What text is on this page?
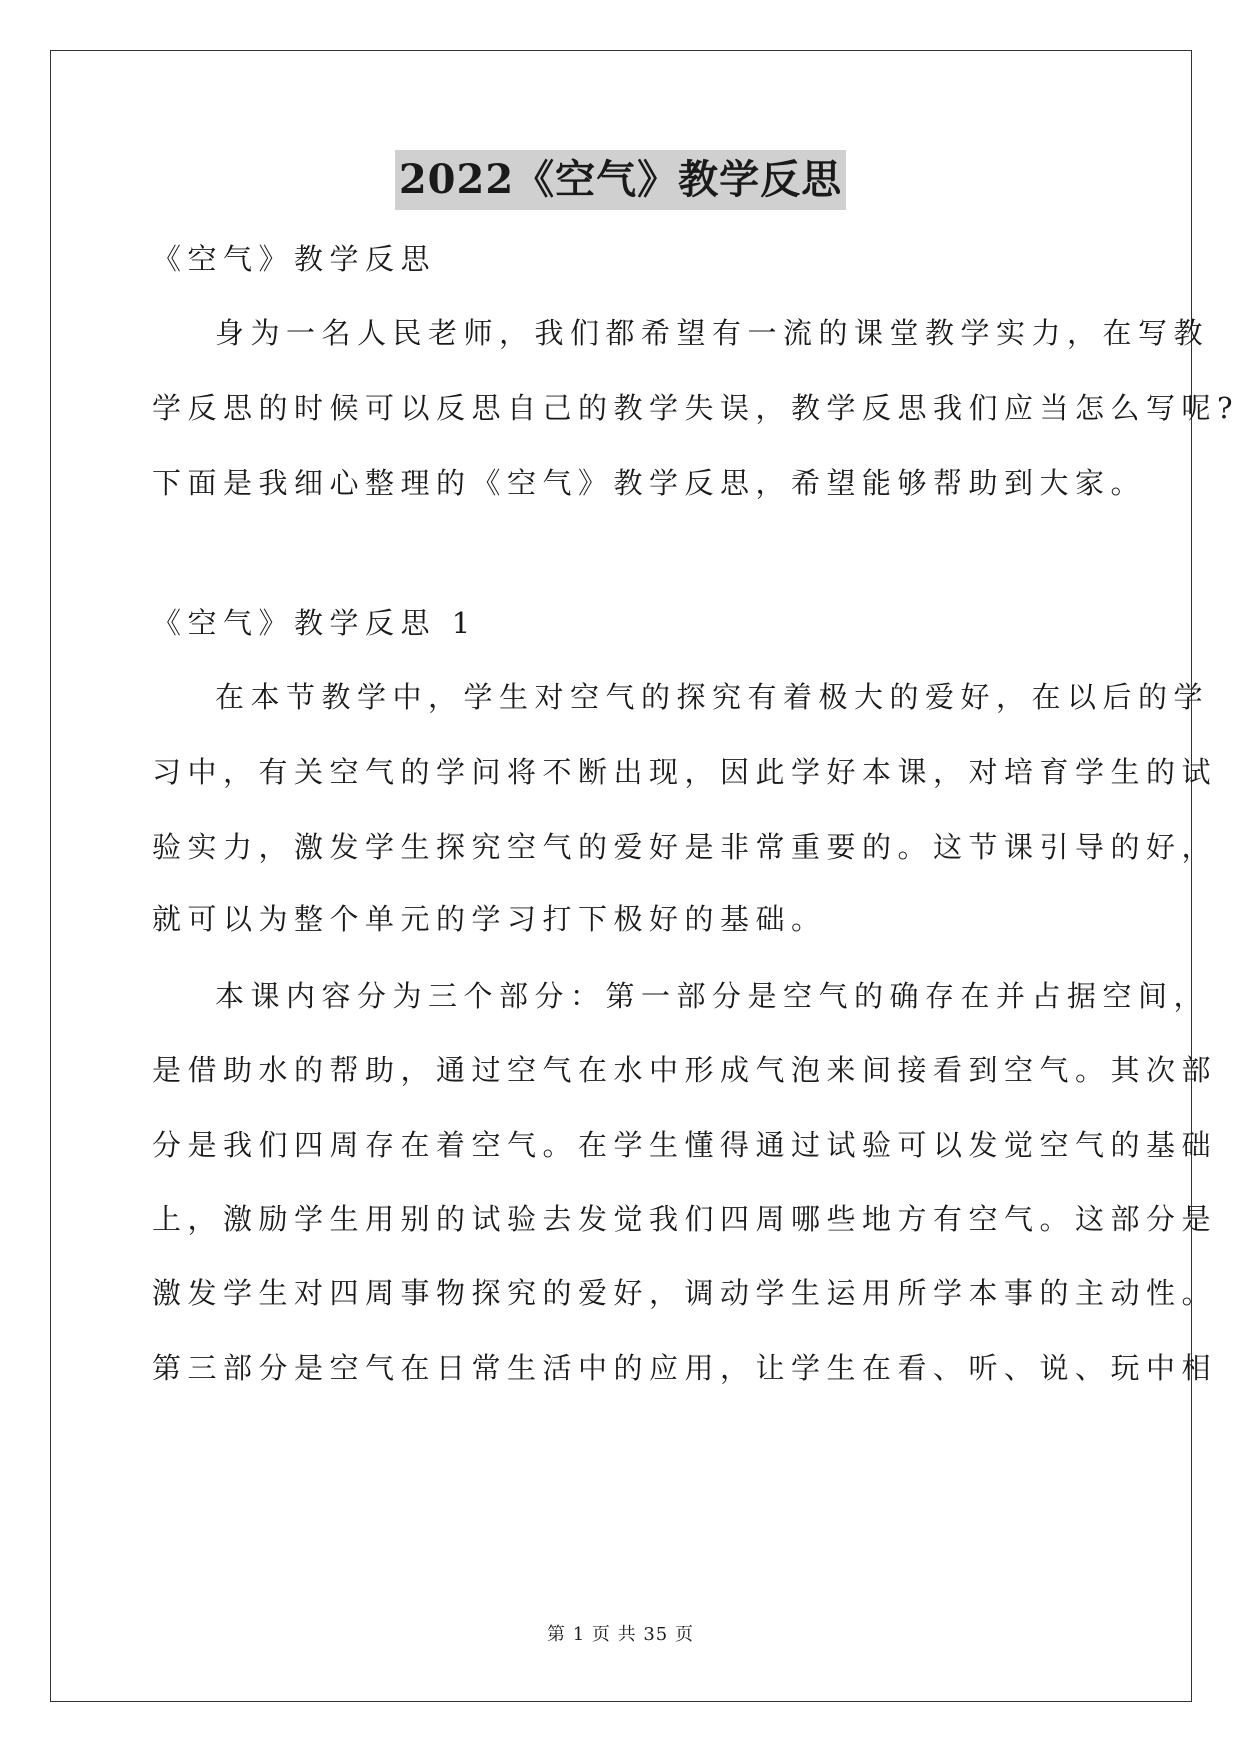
2022《空气》教学反思
《空气》教学反思
身为一名人民老师，我们都希望有一流的课堂教学实力，在写教
学反思的时候可以反思自己的教学失误，教学反思我们应当怎么写呢?
下面是我细心整理的《空气》教学反思，希望能够帮助到大家。
《空气》教学反思 1
在本节教学中，学生对空气的探究有着极大的爱好，在以后的学
习中，有关空气的学问将不断出现，因此学好本课，对培育学生的试
验实力，激发学生探究空气的爱好是非常重要的。这节课引导的好，
就可以为整个单元的学习打下极好的基础。
本课内容分为三个部分：第一部分是空气的确存在并占据空间，
是借助水的帮助，通过空气在水中形成气泡来间接看到空气。其次部
分是我们四周存在着空气。在学生懂得通过试验可以发觉空气的基础
上，激励学生用别的试验去发觉我们四周哪些地方有空气。这部分是
激发学生对四周事物探究的爱好，调动学生运用所学本事的主动性。
第三部分是空气在日常生活中的应用，让学生在看、听、说、玩中相
第 1 页 共 35 页
